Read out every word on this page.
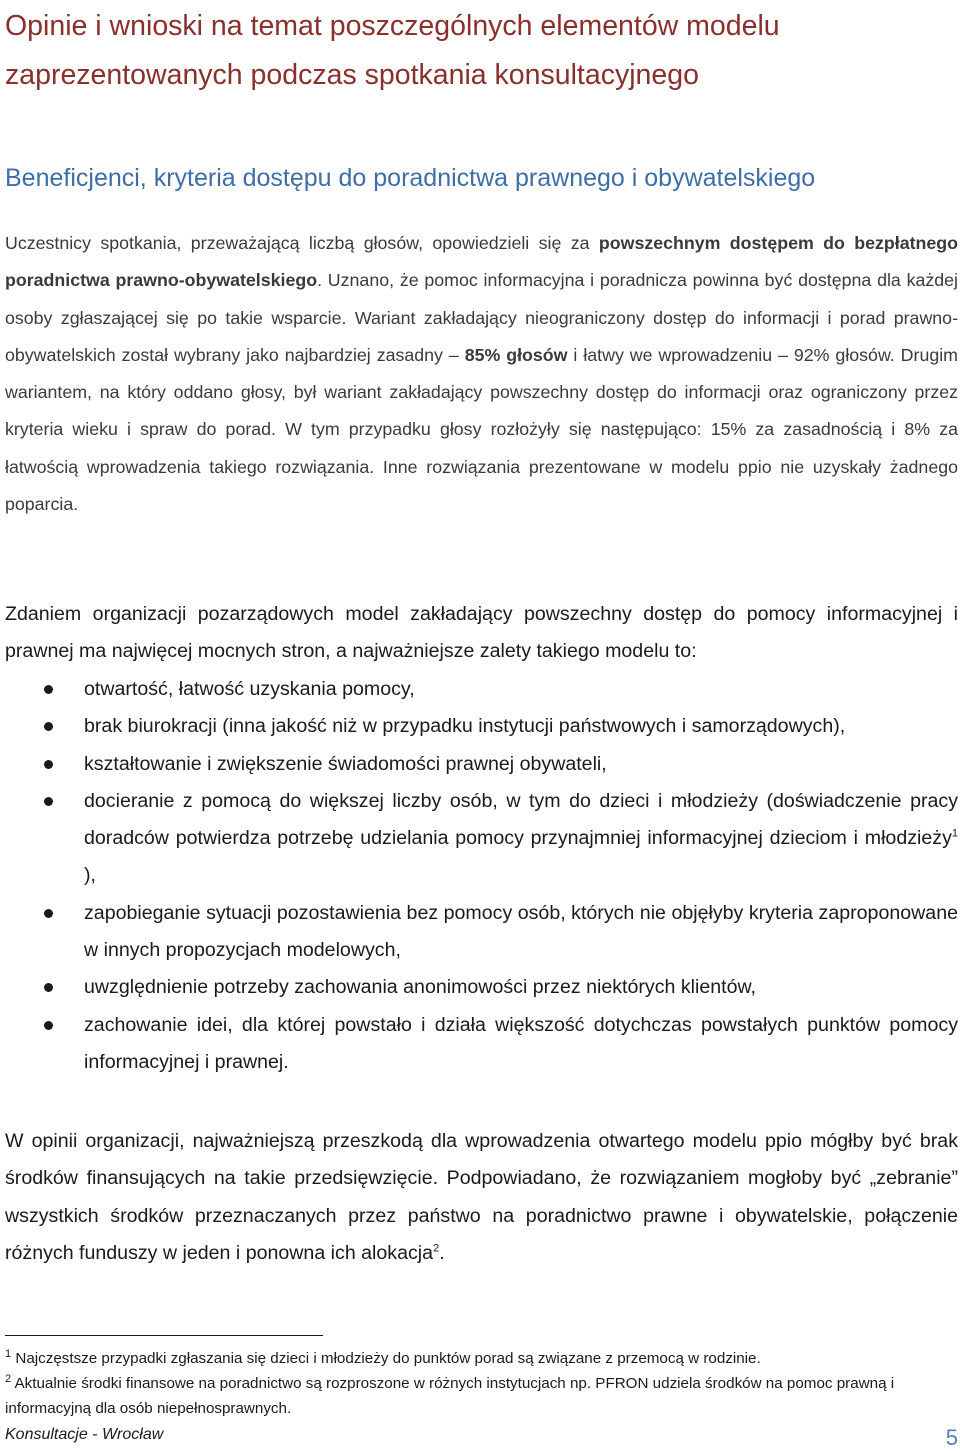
Opinie i wnioski na temat poszczególnych elementów modelu zaprezentowanych podczas spotkania konsultacyjnego
Beneficjenci, kryteria dostępu do poradnictwa prawnego i obywatelskiego

Uczestnicy spotkania, przeważającą liczbą głosów, opowiedzieli się za powszechnym dostępem do bezpłatnego poradnictwa prawno-obywatelskiego. Uznano, że pomoc informacyjna i poradnicza powinna być dostępna dla każdej osoby zgłaszającej się po takie wsparcie. Wariant zakładający nieograniczony dostęp do informacji i porad prawno-obywatelskich został wybrany jako najbardziej zasadny – 85% głosów i łatwy we wprowadzeniu – 92% głosów. Drugim wariantem, na który oddano głosy, był wariant zakładający powszechny dostęp do informacji oraz ograniczony przez kryteria wieku i spraw do porad. W tym przypadku głosy rozłożyły się następująco: 15% za zasadnością i 8% za łatwością wprowadzenia takiego rozwiązania. Inne rozwiązania prezentowane w modelu ppio nie uzyskały żadnego poparcia.

Zdaniem organizacji pozarządowych model zakładający powszechny dostęp do pomocy informacyjnej i prawnej ma najwięcej mocnych stron, a najważniejsze zalety takiego modelu to:

otwartość, łatwość uzyskania pomocy,
brak biurokracji (inna jakość niż w przypadku instytucji państwowych i samorządowych),
kształtowanie i zwiększenie świadomości prawnej obywateli,
docieranie z pomocą do większej liczby osób, w tym do dzieci i młodzieży (doświadczenie pracy doradców potwierdza potrzebę udzielania pomocy przynajmniej informacyjnej dzieciom i młodzieży$^1$ ),
zapobieganie sytuacji pozostawienia bez pomocy osób, których nie objęłyby kryteria zaproponowane w innych propozycjach modelowych,
uwzględnienie potrzeby zachowania anonimowości przez niektórych klientów,
zachowanie idei, dla której powstało i działa większość dotychczas powstałych punktów pomocy informacyjnej i prawnej.

W opinii organizacji, najważniejszą przeszkodą dla wprowadzenia otwartego modelu ppio mógłby być brak środków finansujących na takie przedsięwzięcie. Podpowiadano, że rozwiązaniem mogłoby być „zebranie” wszystkich środków przeznaczanych przez państwo na poradnictwo prawne i obywatelskie, połączenie różnych funduszy w jeden i ponowna ich alokacja$^2$.

$^1$ Najczęstsze przypadki zgłaszania się dzieci i młodzieży do punktów porad są związane z przemocą w rodzinie.

$^2$ Aktualnie środki finansowe na poradnictwo są rozproszone w różnych instytucjach np. PFRON udziela środków na pomoc prawną i informacyjną dla osób niepełnosprawnych.

Konsultacje - Wrocław	5
